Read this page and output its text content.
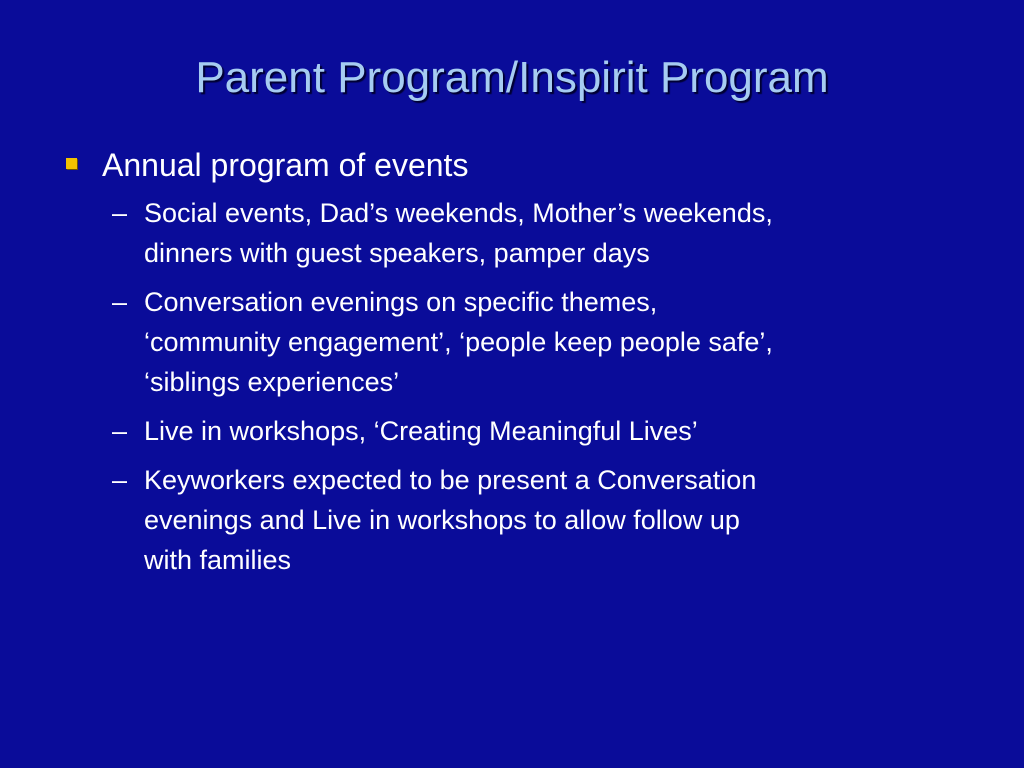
Parent Program/Inspirit Program
Annual program of events
– Social events, Dad’s weekends, Mother’s weekends,
dinners with guest speakers, pamper days
– Conversation evenings on specific themes,
‘community engagement’, ‘people keep people safe’,
‘siblings experiences’
– Live in workshops, ‘Creating Meaningful Lives’
– Keyworkers expected to be present a Conversation
evenings and Live in workshops to allow follow up
with families
